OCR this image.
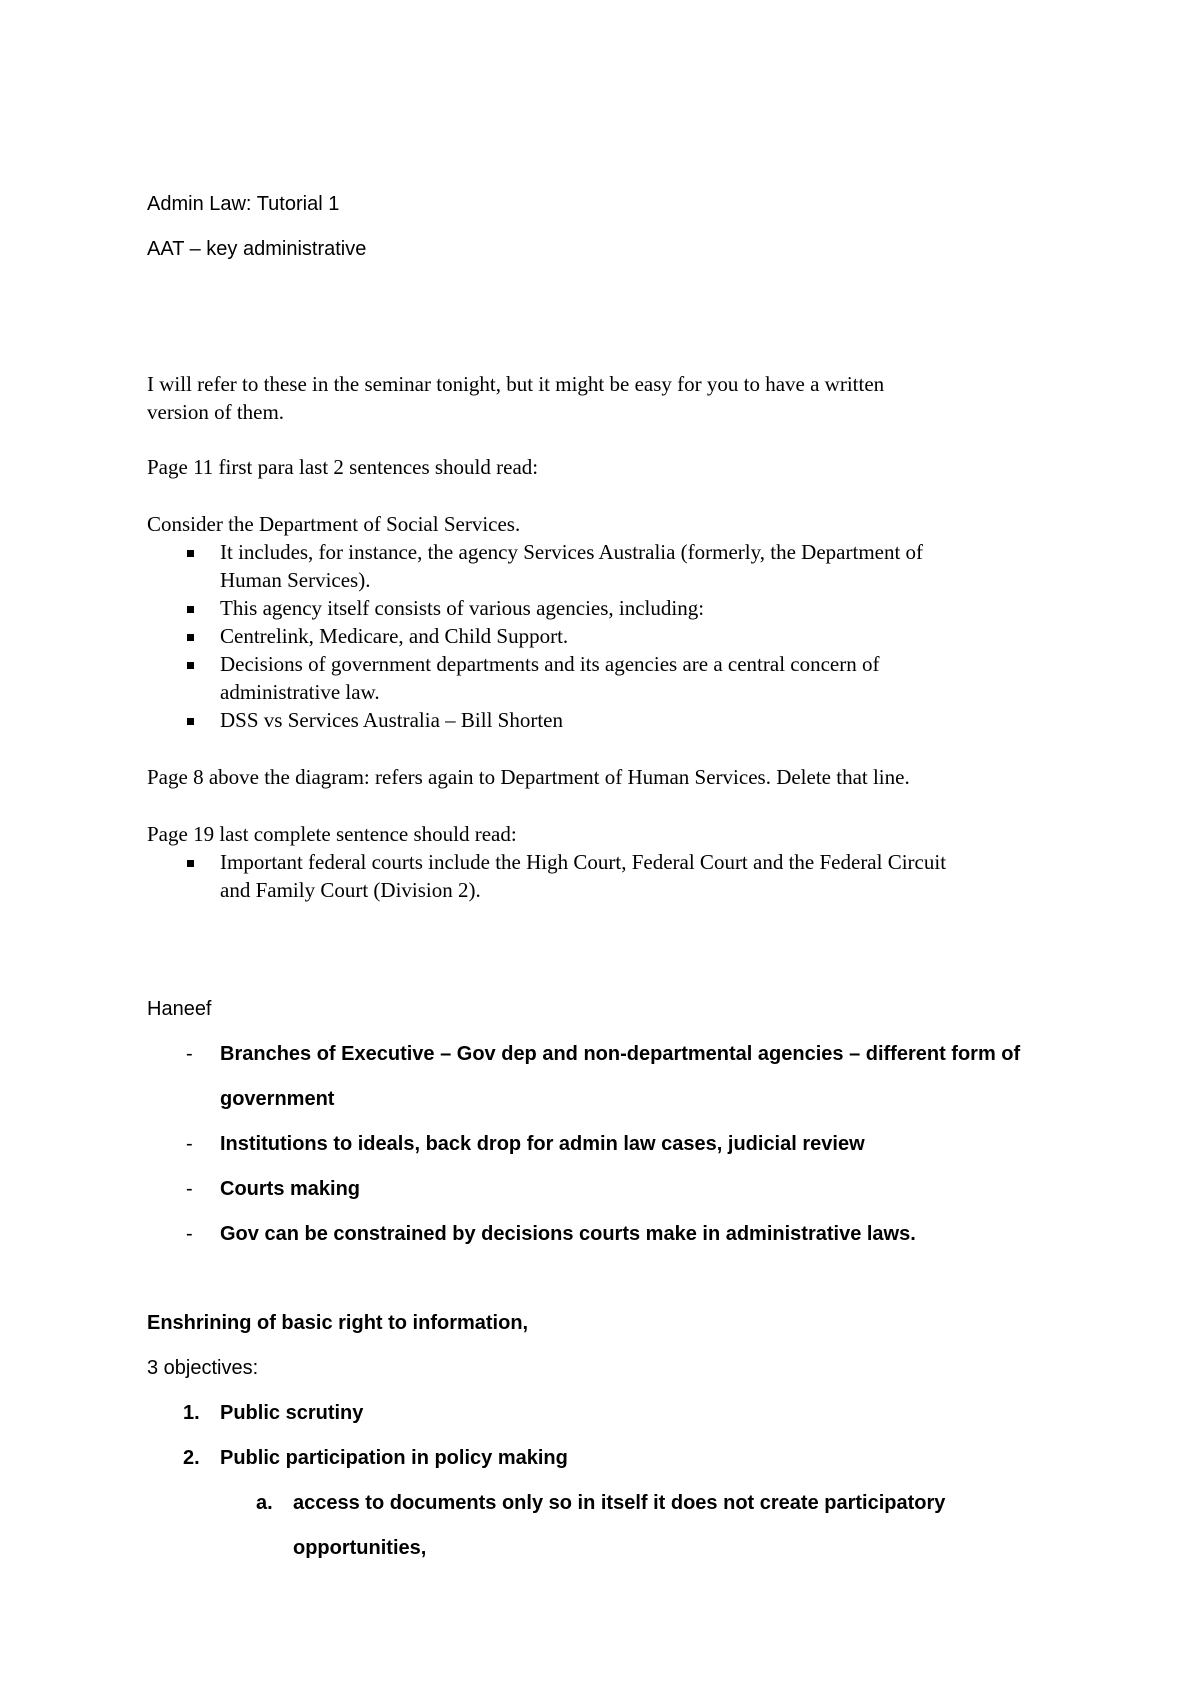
Admin Law: Tutorial 1

AAT – key administrative

I will refer to these in the seminar tonight, but it might be easy for you to have a written

version of them.

Page 11 first para last 2 sentences should read:

Consider the Department of Social Services.

It includes, for instance, the agency Services Australia (formerly, the Department of

Human Services).

This agency itself consists of various agencies, including:

Centrelink, Medicare, and Child Support.

Decisions of government departments and its agencies are a central concern of

administrative law.

DSS vs Services Australia – Bill Shorten

Page 8 above the diagram: refers again to Department of Human Services. Delete that line.

Page 19 last complete sentence should read:

Important federal courts include the High Court, Federal Court and the Federal Circuit

and Family Court (Division 2).

Haneef

- Branches of Executive – Gov dep and non-departmental agencies – different form of

government

- Institutions to ideals, back drop for admin law cases, judicial review

- Courts making

- Gov can be constrained by decisions courts make in administrative laws.

Enshrining of basic right to information,

3 objectives:

1. Public scrutiny

2. Public participation in policy making

a. access to documents only so in itself it does not create participatory

opportunities,
